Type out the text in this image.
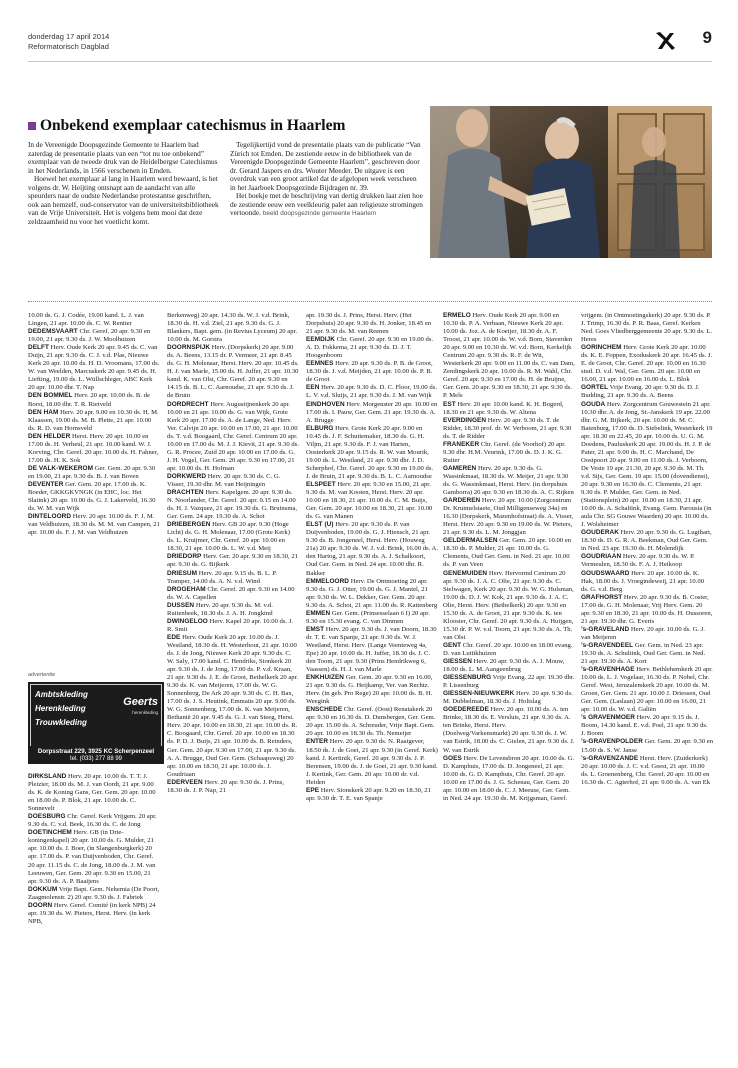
donderdag 17 april 2014
Reformatorisch Dagblad	9
Onbekend exemplaar catechismus in Haarlem

In de Vereenigde Doopsgezinde Gemeente te Haarlem had zaterdag de presentatie plaats van een “tot nu toe onbekend” exemplaar van de tweede druk van de Heidelbergse Catechismus in het Nederlands, in 1566 verschenen in Emden.

Hoewel het exemplaar al lang in Haarlem werd bewaard, is het volgens dr. W. Heijting ontsnapt aan de aandacht van alle speurders naar de oudste Nederlandse protestantse geschriften, ook aan hemzelf, oud-conservator van de universiteitsbibliotheek van de Vrije Universiteit. Het is volgens hem mooi dat deze zeldzaamheid nu voor het voetlicht komt.

Tegelijkertijd vond de presentatie plaats van de publicatie “Van Zürich tot Emden. De zestiende eeuw in de bibliotheek van de Vereenigde Doopsgezinde Gemeente Haarlem”, geschreven door dr. Gerard Jaspers en drs. Wouter Meeder. De uitgave is een overdruk van een groot artikel dat de afgelopen week verscheen in het Jaarboek Doopsgezinde Bijdragen nr. 39.

Het boekje met de beschrijving van dertig drukken laat zien hoe de zestiende eeuw een veelkleurig palet aan religieuze stromingen vertoonde. beeld doopsgezinde gemeente Haarlem

10.00 ds. G. J. Codée, 19.00 kand. L. J. van Lingen, 21 apr. 10.00 ds. C. W. Rentier

DEDEMSVAART Chr. Geref. 20 apr. 9.30 en 19.00, 21 apr. 9.30 ds. J. W. Moolhuizen

DELFT Herv. Oude Kerk 20 apr. 9.45 ds. C. van Duijn, 21 apr. 9.30 ds. C. J. v.d. Plas, Nieuwe Kerk 20 apr. 10.00 ds. H. D. Vroomans, 17.00 ds. W. van Weelden, Marcuskerk 20 apr. 9.45 ds. H. Liefting, 19.00 ds. L. Wüllschleger, ABC Kerk 20 apr. 10.00 dhr. T. Nap

DEN BOMMEL Herv. 20 apr. 10.00 ds. B. de Borst, 18.00 dhr. T. R. Rietveld

DEN HAM Herv. 20 apr. 9.00 en 10.30 ds. H. M. Klaassen, 19.00 ds. M. B. Plette, 21 apr. 10.00 ds. R. D. van Hornsveld

DEN HELDER Herst. Herv. 20 apr. 10.00 en 17.00 ds. H. Verheul, 21 apr. 10.00 kand. W. J. Korving, Chr. Geref. 20 apr. 10.00 ds. H. Fahner, 17.00 ds. H. K. Sok

DE VALK-WEKEROM Ger. Gem. 20 apr. 9.30 en 19.00, 21 apr. 9.30 ds. B. J. van Boven

DEVENTER Ger. Gem. 20 apr. 17.00 ds. K. Boeder, GKKGKVNGK (in EHC, loc. Het Slatink) 20 apr. 10.00 ds. G. J. Lakerveld, 16.30 ds. W. M. van Wijk

DINTELOORD Herv. 20 apr. 10.00 ds. F. J. M. van Veldhuizen, 18.30 ds. M. M. van Campen, 21 apr. 10.00 ds. F. J. M. van Veldhuizen

advertentie
Ambtskleding
Herenkleding
Trouwkleding
Geerts
herenkleding
Dorpsstraat 229, 3925 KC Scherpenzeel
tel. (033) 277 88 99

DIRKSLAND Herv. 20 apr. 10.00 ds. T. T. J. Pleizier, 18.00 ds. M. J. van Oordt, 21 apr. 9.00 ds. K. de Koning Gans, Ger. Gem. 20 apr. 10.00 en 18.00 ds. P. Blok, 21 apr. 10.00 ds. C. Sonnevelt

DOESBURG Chr. Geref. Kerk Vrijgem. 20 apr. 9.30 ds. C. v.d. Beek, 16.30 ds. C. de Jong

DOETINCHEM Herv. GB (in Driekoningenkapel) 20 apr. 10.00 ds. G. Mulder, 21 apr. 10.00 ds. J. Boer, (in Slangenburgkerk) 20 apr. 17.00 ds. P. van Duijvenboden, Chr. Geref. 20 apr. 11.15 ds. C. de Jong, 18.00 ds. J. M. van Leeuwen, Ger. Gem. 20 apr. 9.30 en 15.00, 21 apr. 9.30 ds. A. P. Baaijens

DOKKUM Vrije Bapt. Gem. Nehemia (De Poort, Zaagmolenstr. 2) 20 apr. 9.30 ds. J. Fabriek

DOORN Herv. Geref. Comité (in kerk NPB) 24 apr. 19.30 ds. W. Pieters, Herst. Herv. (in kerk NPB,

Berkenweg) 20 apr. 14.30 ds. W. J. v.d. Brink, 18.30 ds. H. v.d. Ziel, 21 apr. 9.30 ds. G. J. Blankers, Bapt. gem. (in Revius Lyceum) 20 apr. 10.00 ds. M. Gorsira

DOORNSPIJK Herv. (Dorpskerk) 20 apr. 9.00 ds. A. Beens, 13.15 dr. P. Vermeer, 21 apr. 8.45 ds. G. H. Molenaar, Herst. Herv. 20 apr. 10.45 ds. H. J. van Marle, 15.00 ds. H. Juffer, 21 apr. 10.30 kand. K. van Olst, Chr. Geref. 20 apr. 9.30 en 14.15 ds. B. L. C. Aarnoudse, 21 apr. 9.30 ds. J. de Bruin

DORDRECHT Herv. Augustijnenkerk 20 apr. 10.00 en 21 apr. 10.00 ds. G. van Wijk, Grote Kerk 20 apr. 17.00 ds. A. de Lange, Ned. Herv. Ver. Calvijn 20 apr. 10.00 en 17.00, 21 apr. 10.00 ds. T. v.d. Boogaard, Chr. Geref. Centrum 20 apr. 10.00 en 17.00 ds. M. J. J. Kievit, 21 apr. 9.30 ds. G. R. Procee, Zuid 20 apr. 10.00 en 17.00 ds. G. J. H. Vogel, Ger. Gem. 20 apr. 9.30 en 17.00, 21 apr. 10.00 ds. H. Hofman

DORKWERD Herv. 20 apr. 9.30 ds. C. G. Visser, 19.30 dhr. M. van Heijningen

DRACHTEN Herv. Kapelgem. 20 apr. 9.30 ds. N. Noorlander, Chr. Geref. 20 apr. 9.15 en 14.00 ds. H. J. Vazquez, 21 apr. 19.30 ds. G. Bruinsma, Ger. Gem. 24 apr. 19.30 ds. A. Schot

DRIEBERGEN Herv. GB 20 apr. 9.30 (Hoge Licht) ds. G. H. Molenaar, 17.00 (Grote Kerk) ds. L. Kruijmer, Chr. Geref. 20 apr. 10.00 en 18.30, 21 apr. 10.00 ds. L. W. v.d. Meij

DRIEDORP Herv. Ger. 20 apr. 9.30 en 18.30, 21 apr. 9.30 ds. G. Bijkerk

DRIESUM Herv. 20 apr. 9.15 ds. B. L. P. Tramper, 14.00 ds. A. N. v.d. Wind

DROGEHAM Chr. Geref. 20 apr. 9.30 en 14.00 ds. W. A. Capellen

DUSSEN Herv. 20 apr. 9.30 ds. M. v.d. Ruitenbeek, 18.30 ds. J. A. H. Jongkind

DWINGELOO Herv. Kapel 20 apr. 10.00 ds. J. R. Smit

EDE Herv. Oude Kerk 20 apr. 10.00 ds. J. Westland, 18.30 ds. H. Westerhout, 21 apr. 10.00 ds. J. de Jong, Nieuwe Kerk 20 apr. 9.30 ds. C. W. Saly, 17.00 kand. C. Hendriks, Sionkerk 20 apr. 9.30 ds. J. de Jong, 17.00 ds. P. v.d. Kraan, 21 apr. 9.30 ds. J. E. de Groot, Bethelkerk 20 apr. 9.30 ds. K. van Meijeren, 17.00 ds. W. G. Sonnenberg, De Ark 20 apr. 9.30 ds. C. H. Bax, 17.00 ds. J. S. Heutink, Emmaüs 20 apr. 9.00 ds. W. G. Sonnenberg, 17.00 ds. K. van Meijeren, Bethanië 20 apr. 9.45 ds. G. J. van Steeg, Herst. Herv. 20 apr. 10.00 en 18.30, 21 apr. 10.00 ds. R. C. Boogaard, Chr. Geref. 20 apr. 10.00 en 18.30 ds. P. D. J. Buijs, 21 apr. 10.00 ds. B. Reinders, Ger. Gem. 20 apr. 9.30 en 17.00, 21 apr. 9.30 ds. A. A. Brugge, Oud Ger. Gem. (Schaapsweg) 20 apr. 10.00 en 18.30, 21 apr. 10.00 ds. J. Goudriaan

EDERVEEN Herv. 20 apr. 9.30 ds. J. Prins, 18.30 ds. J. P. Nap, 21

apr. 19.30 ds. J. Prins, Herst. Herv. (Het Dorpshuis) 20 apr. 9.30 ds. H. Jonker, 18.45 en 21 apr. 9.30 ds. M. van Reenen

EEMDIJK Chr. Geref. 20 apr. 9.30 en 19.00 ds. A. D. Fokkema, 21 apr. 9.30 ds. D. J. T. Hoogenboom

EEMNES Herv. 20 apr. 9.30 ds. P. B. de Groot, 18.30 ds. J. v.d. Meijden, 21 apr. 10.00 ds. P. B. de Groot

EEN Herv. 20 apr. 9.30 ds. D. C. Floor, 19.00 ds. L. V. v.d. Sluijs, 21 apr. 9.30 ds. J. M. van Wijk

EINDHOVEN Herv. Morgenster 20 apr. 10.00 en 17.00 ds. I. Pauw, Ger. Gem. 21 apr. 19.30 ds. A. A. Brugge

ELBURG Herv. Grote Kerk 20 apr. 9.00 en 10.45 ds. J. F. Schuitemaker, 18.30 ds. G. H. Viljm, 21 apr. 9.30 ds. F. J. van Harten, Oosterkerk 20 apr. 9.15 ds. R. W. van Mourik, 19.00 ds. L. Westland, 21 apr. 9.30 dhr. J. D. Scherphof, Chr. Geref. 20 apr. 9.30 en 19.00 ds. J. de Bruin, 21 apr. 9.30 ds. B. L. C. Aarnoudse

ELSPEET Herv. 20 apr. 9.30 en 15.00, 21 apr. 9.30 ds. M. van Kooten, Herst. Herv. 20 apr. 10.00 en 18.30, 21 apr. 10.00 ds. C. M. Buijs, Ger. Gem. 20 apr. 10.00 en 18.30, 21 apr. 10.00 ds. G. van Manen

ELST (U) Herv. 20 apr. 9.30 ds. P. van Duijvenboden, 19.00 ds. G. J. Hiensch, 21 apr. 9.30 ds. B. Jongeneel, Herst. Herv. (Houweg 21a) 20 apr. 9.30 ds. W. J. v.d. Brink, 16.00 ds. A. den Hartog, 21 apr. 9.30 ds. A. J. Schalkoort, Oud Ger. Gem. in Ned. 24 apr. 10.00 dhr. R. Bakker

EMMELOORD Herv. De Ontmoeting 20 apr. 9.30 ds. G. J. Otter, 19.00 ds. G. J. Mantel, 21 apr. 9.30 ds. W. L. Dekker, Ger. Gem. 20 apr. 9.30 ds. A. Schot, 21 apr. 11.00 ds. R. Kattenberg

EMMEN Ger. Gem. (Prinsesselaan 6 I) 20 apr. 9.30 en 15.30 evang. C. van Dtnmen

EMST Herv. 20 apr. 9.30 ds. J. van Doorn, 18.30 dr. T. E. van Spanje, 21 apr. 9.30 ds. W. J. Westland, Herst. Herv. (Lange Veenteweg 4a, Epe) 20 apr. 10.00 ds. H. Juffer, 18.30 ds. J. C. den Toom, 21 apr. 9.30 (Prins Hendrikweg 6, Vaassen) ds. H. J. van Marle

ENKHUIZEN Ger. Gem. 20 apr. 9.30 en 16.00, 21 apr. 9.30 ds. G. Heijkamp, Ver. van Rechtz. Herv. (in geb. Pro Rege) 20 apr. 10.00 ds. B. H. Weegink

ENSCHEDE Chr. Geref. (Oost) Renatakerk 20 apr. 9.30 en 16.30 ds. D. Dunsbergen, Ger. Gem. 20 apr. 15.00 ds. A. Schreuder, Vrije Bapt. Gem. 20 apr. 10.00 en 18.30 ds. Th. Nemeijer

ENTER Herv. 20 apr. 9.30 ds. N. Raatgever, 18.50 ds. J. de Goei, 21 apr. 9.30 (in Geref. Kerk) kand. J. Kertinik, Geref. 20 apr. 9.30 ds. J. P. Berensen, 19.00 ds. J. de Goei, 21 apr. 9.30 kand. J. Kertink, Ger. Gem. 20 apr. 10.00 dr. v.d. Heiden

EPE Herv. Sionskerk 20 apr. 9.20 en 18.30, 21 apr. 9.30 dr. T. E. van Spanje

ERMELO Herv. Oude Kerk 20 apr. 9.00 en 10.30 ds. P. A. Verbaan, Nieuwe Kerk 20 apr. 10.00 ds. Joz. A. de Koeijer, 18.30 dr. A. F. Troost, 21 apr. 10.00 ds. W. v.d. Born, Staverden 20 apr. 9.00 en 10.30 ds. W. v.d. Born, Kerkelijk Centrum 20 apr. 9.30 ds. R. F. de Wit, Westerkerk 20 apr. 9.00 en 11.00 ds. C. van Dam, Zendingskerk 20 apr. 10.00 ds. R. M. Wahl, Chr. Geref. 20 apr. 9.30 en 17.00 ds. H. de Bruijne, Ger. Gem. 20 apr. 9.30 en 18.30, 21 apr. 9.30 ds. P. Mels

EST Herv. 20 apr. 10.00 kand. K. H. Bogerd, 18.30 en 21 apr. 9.30 ds. W. Altena

EVERDINGEN Herv. 20 apr. 9.30 ds. T. de Ridder, 18.30 prof. dr. W. Verboom, 21 apr. 9.30 ds. T. de Ridder

FRANEKER Chr. Geref. (de Voorhof) 20 apr. 9.30 dhr. H.M. Veurink, 17.00 ds. D. J. K. G. Ruiter

GAMEREN Herv. 20 apr. 9.30 ds. G. Wassinkmaat, 18.30 ds. W. Meijer, 21 apr. 9.30 ds. G. Wassinkmaat, Herst. Herv. (in dorpshuis Gamborra) 20 apr. 9.30 en 18.30 ds. A. C. Rijken

GARDEREN Herv. 20 apr. 10.00 (Zorgcentrum Dr. Kruimelstaete, Oud Milligenseweg 34a) en 16.30 (Dorpskerk, Mazenhofstraat) ds. A. Visser, Herst. Herv. 20 apr. 9.30 en 19.00 ds. W. Pieters, 21 apr. 9.30 ds. L. M. Jonggjan

GELDERMALSEN Ger. Gem. 20 apr. 10.00 en 18.30 ds. P. Mulder, 21 apr. 10.00 ds. G. Clements, Oud Ger. Gem. in Ned. 21 apr. 10.00 ds. P. van Veen

GENEMUIDEN Herv. Hervormd Centrum 20 apr. 9.30 ds. J. A. C. Olie, 21 apr. 9.30 ds. C. Stelwagen, Kerk 20 apr. 9.30 ds. W. G. Hulsman, 19.00 ds. D. J. W. Kok, 21 apr. 9.30 ds. J. A. C. Olie, Herst. Herv. (Bethelkerk) 20 apr. 9.30 en 15.30 ds. A. de Groot, 21 apr. 9.30 ds. K. ten Klooster, Chr. Geref. 20 apr. 9.30 ds. A. Huijgen, 15.30 dr. P. W. v.d. Toorn, 21 apr. 9.30 ds. A. Th. van Olst

GENT Chr. Geref. 20 apr. 10.00 en 18.00 evang. D. van Luttikhuizen

GIESSEN Herv. 20 apr. 9.30 ds. A. J. Mouw, 18.00 ds. L. M. Aangeenbrug

GIESSENBURG Vrije Evang. 22 apr. 19.30 dhr. P. Lissenburg

GIESSEN-NIEUWKERK Herv. 20 apr. 9.30 ds. M. Dubbelman, 18.30 ds. J. Holtslag

GOEDEREEDE Herv. 20 apr. 10.00 ds. A. ten Brinke, 18.30 ds. E. Versluis, 21 apr. 9.30 ds. A. ten Brinke, Herst. Herv. (Doelweg/Varkensmarkt) 20 apr. 9.30 ds. J. W. van Estrik, 18.00 ds. C. Gielen, 21 apr. 9.30 ds. J. W. van Estrik

GOES Herv. De Levensbron 20 apr. 10.00 ds. G. D. Kamphuis, 17.00 ds. D. Jongeneel, 21 apr. 10.00 ds. G. D. Kamphuis, Chr. Geref. 20 apr. 10.00 en 17.00 ds. J. G. Schenau, Ger. Gem. 20 apr. 10.00 en 18.00 ds. C. J. Meeuse, Ger. Gem. in Ned. 24 apr. 19.30 ds. M. Krijgsman, Geref.

vrijgem. (in Ontmoetingskerk) 20 apr. 9.30 ds. P. J. Trimp, 16.30 ds. P. R. Baas, Geref. Kerken Ned. Goes Vliedberggemeente 20 apr. 9.30 ds. L. Heres

GORINCHEM Herv. Grote Kerk 20 apr. 10.00 ds. K. E. Foppen, Exoduskerk 20 apr. 16.45 ds. J. E. de Groot, Chr. Geref. 20 apr. 10.00 en 16.30 stud. D. v.d. Wal, Ger. Gem. 20 apr. 10.00 en 16.00, 21 apr. 10.00 en 16.00 ds. L. Blok

GORTEL Vrije Evang. 20 apr. 9.30 ds. D. J. Budding, 21 apr. 9.30 ds. A. Beens

GOUDA Herv. Zorgcentrum Gouwestein 21 apr. 10.30 dhr. A. de Jong, St.-Janskerk 19 apr. 22.00 dhr. G. M. Bijkerk, 20 apr. 10.00 ds. M. C. Batenburg, 17.00 ds. D. Siebelink, Westerkerk 19 apr. 18.30 en 22.45, 20 apr. 10.00 ds. U. G. M. Doedens, Pauluskerk 20 apr. 19.00 ds. H. J. P. de Pater, 21 apr. 9.00 ds. H. C. Marchand, De Oostpoort 20 apr. 9.00 en 11.00 ds. J. Verboom, De Veste 19 apr. 21.30, 20 apr. 9.30 ds. M. Th. v.d. Sijs, Ger. Gem. 19 apr. 15.00 (dovendienst), 20 apr. 9.30 en 16.30 ds. C. Clements, 21 apr. 9.30 ds. P. Mulder, Ger. Gem. in Ned. (Stationsplein) 20 apr. 10.00 en 18.30, 21 apr. 10.00 ds. A. Schaltink, Evang. Gem. Parousia (in aula Chr. SG Gouwe Waarden) 20 apr. 10.00 ds. J. Wolsheimer

GOUDERAK Herv. 20 apr. 9.30 ds. G. Lugthart, 18.30 ds. D. G. R. A. Beekman, Oud Ger. Gem. in Ned. 23 apr. 19.30 ds. H. Molendijk

GOUDRIAAN Herv. 20 apr. 9.30 ds. W. P. Vermeulen, 18.30 ds. F. A. J. Heikoop

GOUDSWAARD Herv. 20 apr. 10.00 ds. K. Hak, 18.00 ds. J. Vroegindeweij, 21 apr. 10.00 ds. G. v.d. Berg

GRAFHORST Herv. 20 apr. 9.30 ds. B. Coster, 17.00 ds. G. H. Molenaar, Vrij Herv. Gem. 20 apr. 9.30 en 18.30, 21 apr. 10.00 ds. H. Oussoren, 21 apr. 19.30 dhr. G. Everts

’s-GRAVELAND Herv. 20 apr. 10.00 ds. G. J. van Meijeren

’s-GRAVENDEEL Ger. Gem. in Ned. 23 apr. 19.30 ds. A. Schultink, Oud Ger. Gem. in Ned. 21 apr. 19.30 ds. A. Kort

’s-GRAVENHAGE Herv. Bethlehemkerk 20 apr. 10.00 ds. L. J. Vogelaar, 16.30 ds. P. Nobel, Chr. Geref. West, Jeruzalemkerk 20 apr. 10.00 ds. M. Groen, Ger. Gem. 21 apr. 10.00 J. Driessen, Oud Ger. Gem. (Laslaan) 20 apr. 10.00 en 16.00, 21 apr. 10.00 ds. W. v.d. Galiën

’s GRAVENMOER Herv. 20 apr. 9.15 ds. J. Boom, 14.30 kand. E. v.d. Poel, 21 apr. 9.30 ds. J. Boom

’s-GRAVENPOLDER Ger. Gem. 20 apr. 9.30 en 15.00 ds. S. W. Janse

’s-GRAVENZANDE Herst. Herv. (Zuiderkerk) 20 apr. 10.00 ds. J. C. v.d. Geest, 21 apr. 10.00 ds. L. Groenenberg, Chr. Geref. 20 apr. 10.00 en 16.30 ds. C. Agterhof, 21 apr. 9.00 ds. A. van Ek
